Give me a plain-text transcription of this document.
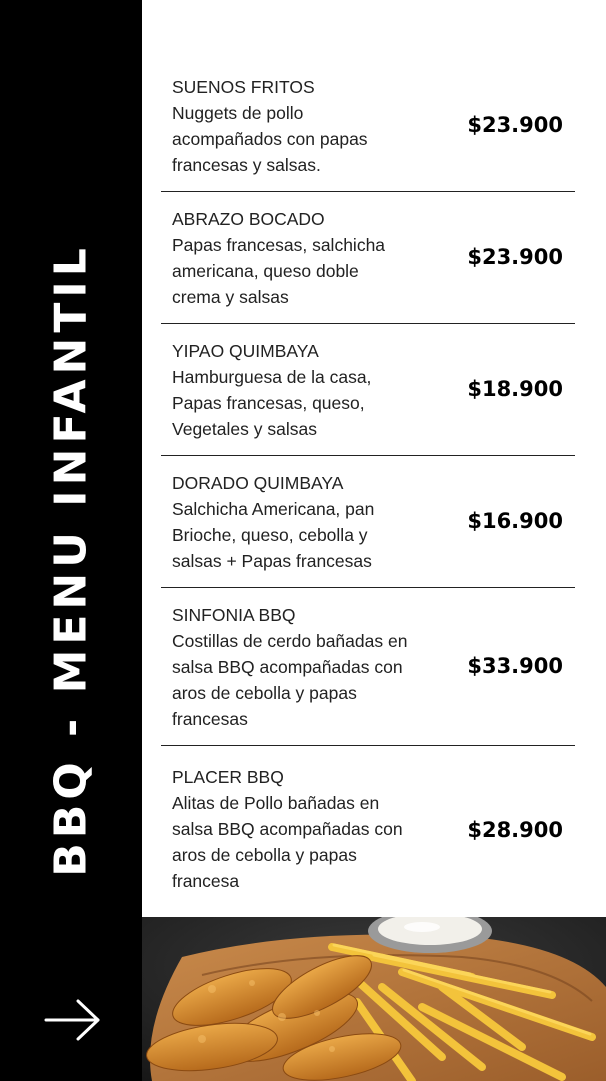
BBQ - MENU INFANTIL
SUENOS FRITOS
Nuggets de pollo
acompañados con papas
francesas y salsas.
$23.900
ABRAZO BOCADO
Papas francesas, salchicha
americana, queso doble
crema y salsas
$23.900
YIPAO QUIMBAYA
Hamburguesa de la casa,
Papas francesas, queso,
Vegetales y salsas
$18.900
DORADO QUIMBAYA
Salchicha Americana, pan
Brioche, queso, cebolla y
salsas + Papas francesas
$16.900
SINFONIA BBQ
Costillas de cerdo bañadas en
salsa BBQ acompañadas con
aros de cebolla y papas
francesas
$33.900
PLACER BBQ
Alitas de Pollo bañadas en
salsa BBQ acompañadas con
aros de cebolla y papas
francesa
$28.900
